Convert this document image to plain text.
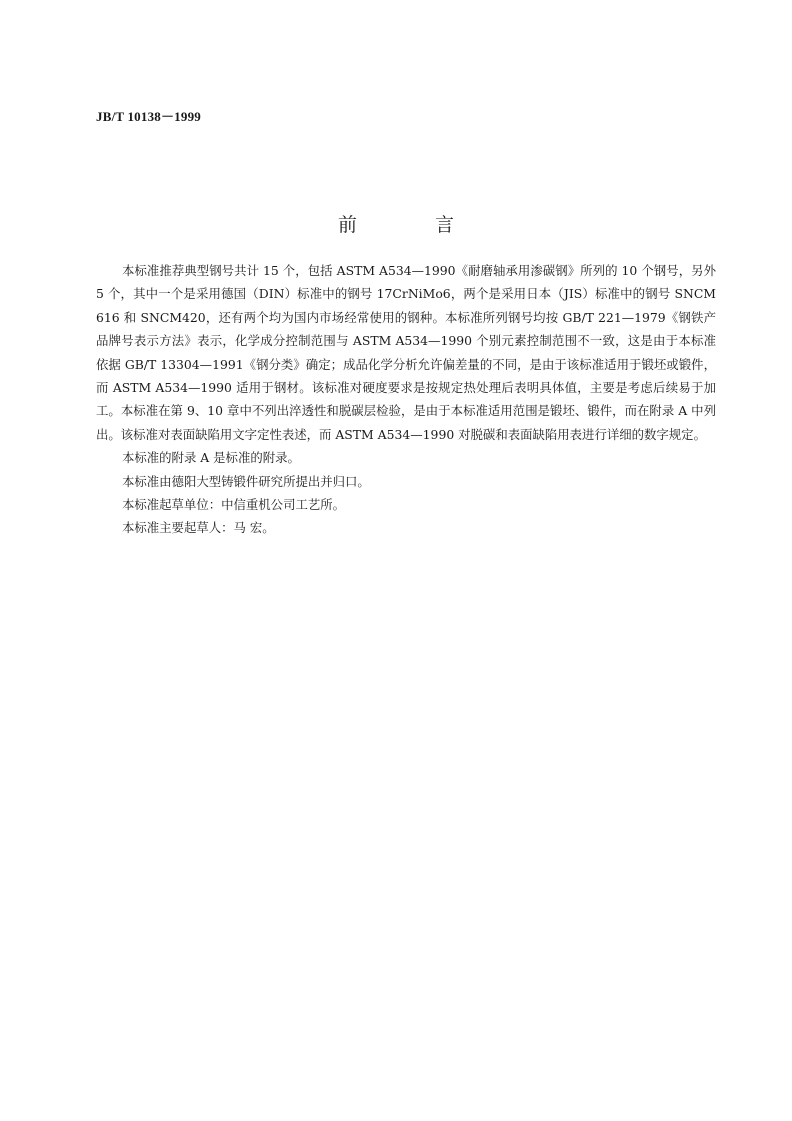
JB/T 10138－1999
前 言

本标准推荐典型钢号共计 15 个，包括 ASTM A534—1990《耐磨轴承用渗碳钢》所列的 10 个钢号，另外 5 个，其中一个是采用德国（DIN）标准中的钢号 17CrNiMo6，两个是采用日本（JIS）标准中的钢号 SNCM616 和 SNCM420，还有两个均为国内市场经常使用的钢种。本标准所列钢号均按 GB/T 221—1979《钢铁产品牌号表示方法》表示，化学成分控制范围与 ASTM A534—1990 个别元素控制范围不一致，这是由于本标准依据 GB/T 13304—1991《钢分类》确定；成品化学分析允许偏差量的不同，是由于该标准适用于锻坯或锻件，而 ASTM A534—1990 适用于钢材。该标准对硬度要求是按规定热处理后表明具体值，主要是考虑后续易于加工。本标准在第 9、10 章中不列出淬透性和脱碳层检验，是由于本标准适用范围是锻坯、锻件，而在附录 A 中列出。该标准对表面缺陷用文字定性表述，而 ASTM A534—1990 对脱碳和表面缺陷用表进行详细的数字规定。

本标准的附录 A 是标准的附录。

本标准由德阳大型铸锻件研究所提出并归口。

本标准起草单位：中信重机公司工艺所。

本标准主要起草人：马 宏。
